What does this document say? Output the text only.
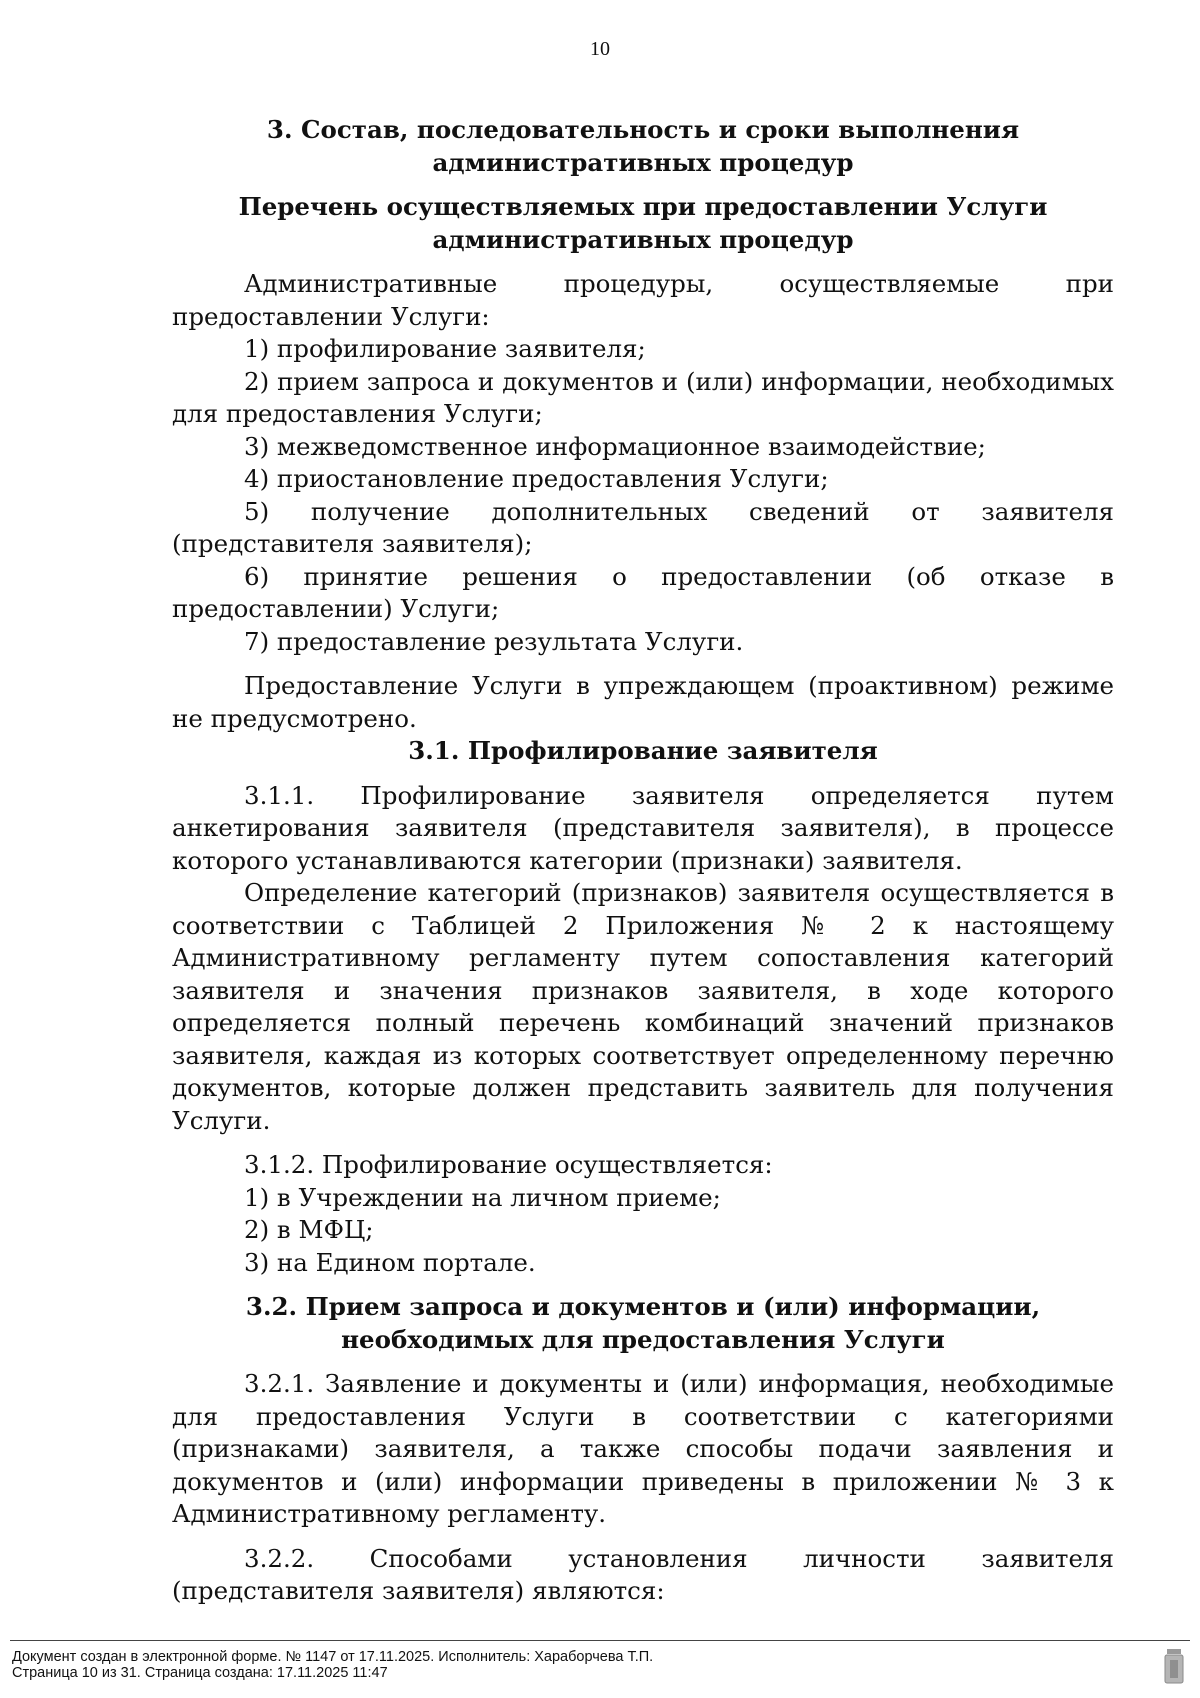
10
3. Состав, последовательность и сроки выполнения административных процедур
Перечень осуществляемых при предоставлении Услуги административных процедур

Административные процедуры, осуществляемые при предоставлении Услуги:

1) профилирование заявителя;

2) прием запроса и документов и (или) информации, необходимых для предоставления Услуги;

3) межведомственное информационное взаимодействие;

4) приостановление предоставления Услуги;

5) получение дополнительных сведений от заявителя (представителя заявителя);

6) принятие решения о предоставлении (об отказе в предоставлении) Услуги;

7) предоставление результата Услуги.

Предоставление Услуги в упреждающем (проактивном) режиме не предусмотрено.

3.1. Профилирование заявителя

3.1.1. Профилирование заявителя определяется путем анкетирования заявителя (представителя заявителя), в процессе которого устанавливаются категории (признаки) заявителя.

Определение категорий (признаков) заявителя осуществляется в соответствии с Таблицей 2 Приложения № 2 к настоящему Административному регламенту путем сопоставления категорий заявителя и значения признаков заявителя, в ходе которого определяется полный перечень комбинаций значений признаков заявителя, каждая из которых соответствует определенному перечню документов, которые должен представить заявитель для получения Услуги.

3.1.2. Профилирование осуществляется:

1) в Учреждении на личном приеме;

2) в МФЦ;

3) на Едином портале.

3.2. Прием запроса и документов и (или) информации, необходимых для предоставления Услуги

3.2.1. Заявление и документы и (или) информация, необходимые для предоставления Услуги в соответствии с категориями (признаками) заявителя, а также способы подачи заявления и документов и (или) информации приведены в приложении № 3 к Административному регламенту.

3.2.2. Способами установления личности заявителя (представителя заявителя) являются:

Документ создан в электронной форме. № 1147 от 17.11.2025. Исполнитель: Хараборчева Т.П.
Страница 10 из 31. Страница создана: 17.11.2025 11:47
